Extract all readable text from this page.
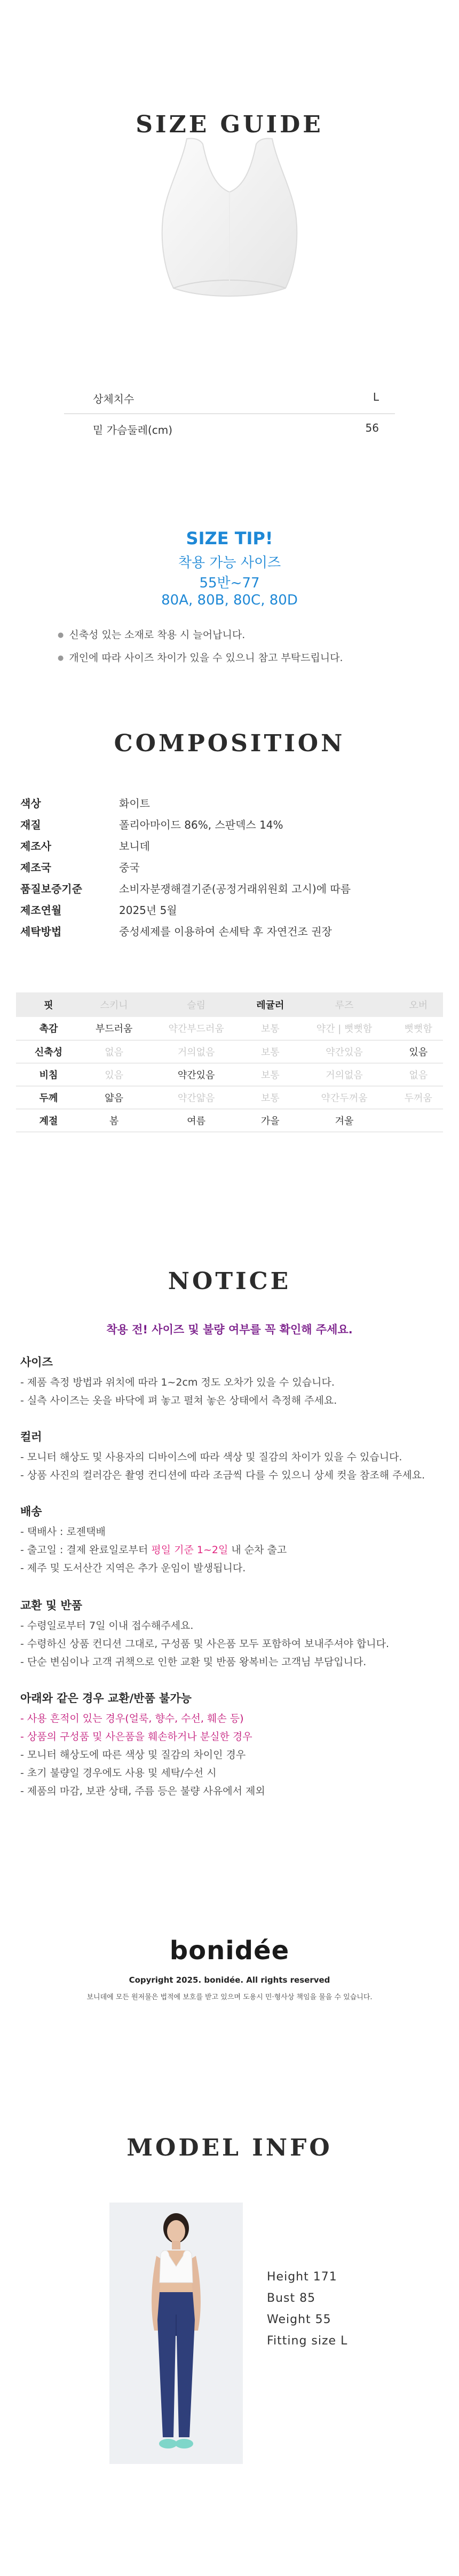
SIZE GUIDE
상체치수	L
밑 가슴둘레(cm)	56
SIZE TIP!
착용 가능 사이즈
55반~77
80A, 80B, 80C, 80D
● 신축성 있는 소재로 착용 시 늘어납니다.
● 개인에 따라 사이즈 차이가 있을 수 있으니 참고 부탁드립니다.
COMPOSITION
색상	화이트
재질	폴리아마이드 86%, 스판덱스 14%
제조사	보니데
제조국	중국
품질보증기준	소비자분쟁해결기준(공정거래위원회 고시)에 따름
제조연월	2025년 5월
세탁방법	중성세제를 이용하여 손세탁 후 자연건조 권장
핏	스키니	슬림	레귤러	루즈	오버
촉감	부드러움	약간부드러움	보통	약간 | 뻣뻣함	뻣뻣함
신축성	없음	거의없음	보통	약간있음	있음
비침	있음	약간있음	보통	거의없음	없음
두께	얇음	약간얇음	보통	약간두꺼움	두꺼움
계절	봄	여름	가을	겨울	
NOTICE
착용 전! 사이즈 및 불량 여부를 꼭 확인해 주세요.
사이즈
- 제품 측정 방법과 위치에 따라 1~2cm 정도 오차가 있을 수 있습니다.
- 실측 사이즈는 옷을 바닥에 펴 놓고 펼쳐 놓은 상태에서 측정해 주세요.
컬러
- 모니터 해상도 및 사용자의 디바이스에 따라 색상 및 질감의 차이가 있을 수 있습니다.
- 상품 사진의 컬러감은 촬영 컨디션에 따라 조금씩 다를 수 있으니 상세 컷을 참조해 주세요.
배송
- 택배사 : 로젠택배
- 출고일 : 결제 완료일로부터 평일 기준 1~2일 내 순차 출고
- 제주 및 도서산간 지역은 추가 운임이 발생됩니다.
교환 및 반품
- 수령일로부터 7일 이내 접수해주세요.
- 수령하신 상품 컨디션 그대로, 구성품 및 사은품 모두 포함하여 보내주셔야 합니다.
- 단순 변심이나 고객 귀책으로 인한 교환 및 반품 왕복비는 고객님 부담입니다.
아래와 같은 경우 교환/반품 불가능
- 사용 흔적이 있는 경우(얼룩, 향수, 수선, 훼손 등)
- 상품의 구성품 및 사은품을 훼손하거나 분실한 경우
- 모니터 해상도에 따른 색상 및 질감의 차이인 경우
- 초기 불량일 경우에도 사용 및 세탁/수선 시
- 제품의 마감, 보관 상태, 주름 등은 불량 사유에서 제외
bonidée
Copyright 2025. bonidée. All rights reserved
보니데에 모든 원저물은 법적에 보호를 받고 있으며 도용시 민·형사상 책임을 물을 수 있습니다.
MODEL INFO
Height 171
Bust 85
Weight 55
Fitting size L
